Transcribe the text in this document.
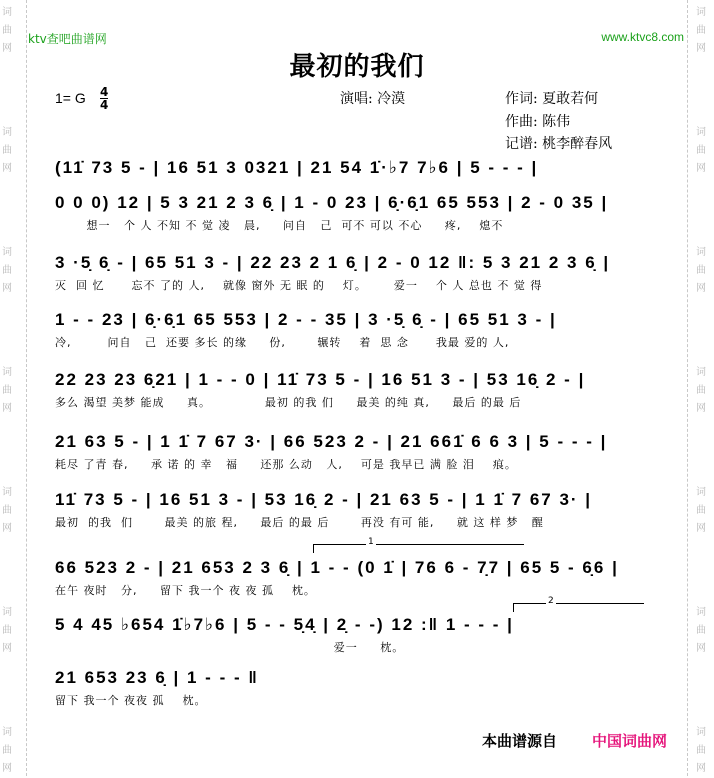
词
曲
网
词
曲
网
词
曲
网
词
曲
网
词
曲
网
词
曲
网
词
曲
网
词
曲
网
词
曲
网
词
曲
网
词
曲
网
词
曲
网
词
曲
网
词
曲
网
ktv查吧曲谱网	www.ktvc8.com
最初的我们
1= G 4
4	演唱: 冷漠	作词: 夏敢若何
作曲: 陈伟
记谱: 桃李醉春风
(11̇ 73 5 - | 16 51 3 0321 | 21 54 1̇·♭7 7♭6 | 5 - - - |
0 0 0) 12 | 5 3 21 2 3 6̣ | 1 - 0 23 | 6̣·6̣1 65 553 | 2 - 0 35 |
想一   个 人 不知 不 觉 凌   晨,     问自   己  可不 可以 不心     疼,    熄不
3 ·5̣ 6̣ - | 65 51 3 - | 22 23 2 1 6̣ | 2 - 0 12 ‖: 5 3 21 2 3 6̣ |
灭  回 忆      忘不 了的 人,    就像 窗外 无 眠 的    灯。      爱一    个 人 总也 不 觉 得
1 - - 23 | 6̣·6̣1 65 553 | 2 - - 35 | 3 ·5̣ 6̣ - | 65 51 3 - |
冷,        问自   己  还要 多长 的缘     份,       辗转    着  思 念      我最 爱的 人,
22 23 23 6̣21 | 1 - - 0 | 11̇ 73 5 - | 16 51 3 - | 53 16̣ 2 - |
多么 渴望 美梦 能成     真。            最初 的我 们     最美 的纯 真,     最后 的最 后
21 63 5 - | 1 1̇ 7 67 3· | 66 523 2 - | 21 661̇ 6 6 3 | 5 - - - |
耗尽 了青 春,     承 诺 的 幸   福     还那 么动   人,    可是 我早已 满 脸 泪    痕。
11̇ 73 5 - | 16 51 3 - | 53 16̣ 2 - | 21 63 5 - | 1 1̇ 7 67 3· |
最初  的我  们       最美 的旅 程,     最后 的最 后       再没 有可 能,     就 这 样 梦   醒
1
66 523 2 - | 21 653 2 3 6̣ | 1 - - (0 1̇ | 76 6 - 7̣7 | 65 5 - 6̣6 |
在午 夜时   分,     留下 我一个 夜 夜 孤    枕。
2
5 4 45 ♭654 1̇♭7♭6 | 5 - - 5̣4̣ | 2̣ - -) 12 :‖ 1 - - - |
爱一     枕。
21 653 23 6̣ | 1 - - - ‖
留下 我一个 夜夜 孤    枕。
本曲谱源自 中国词曲网
